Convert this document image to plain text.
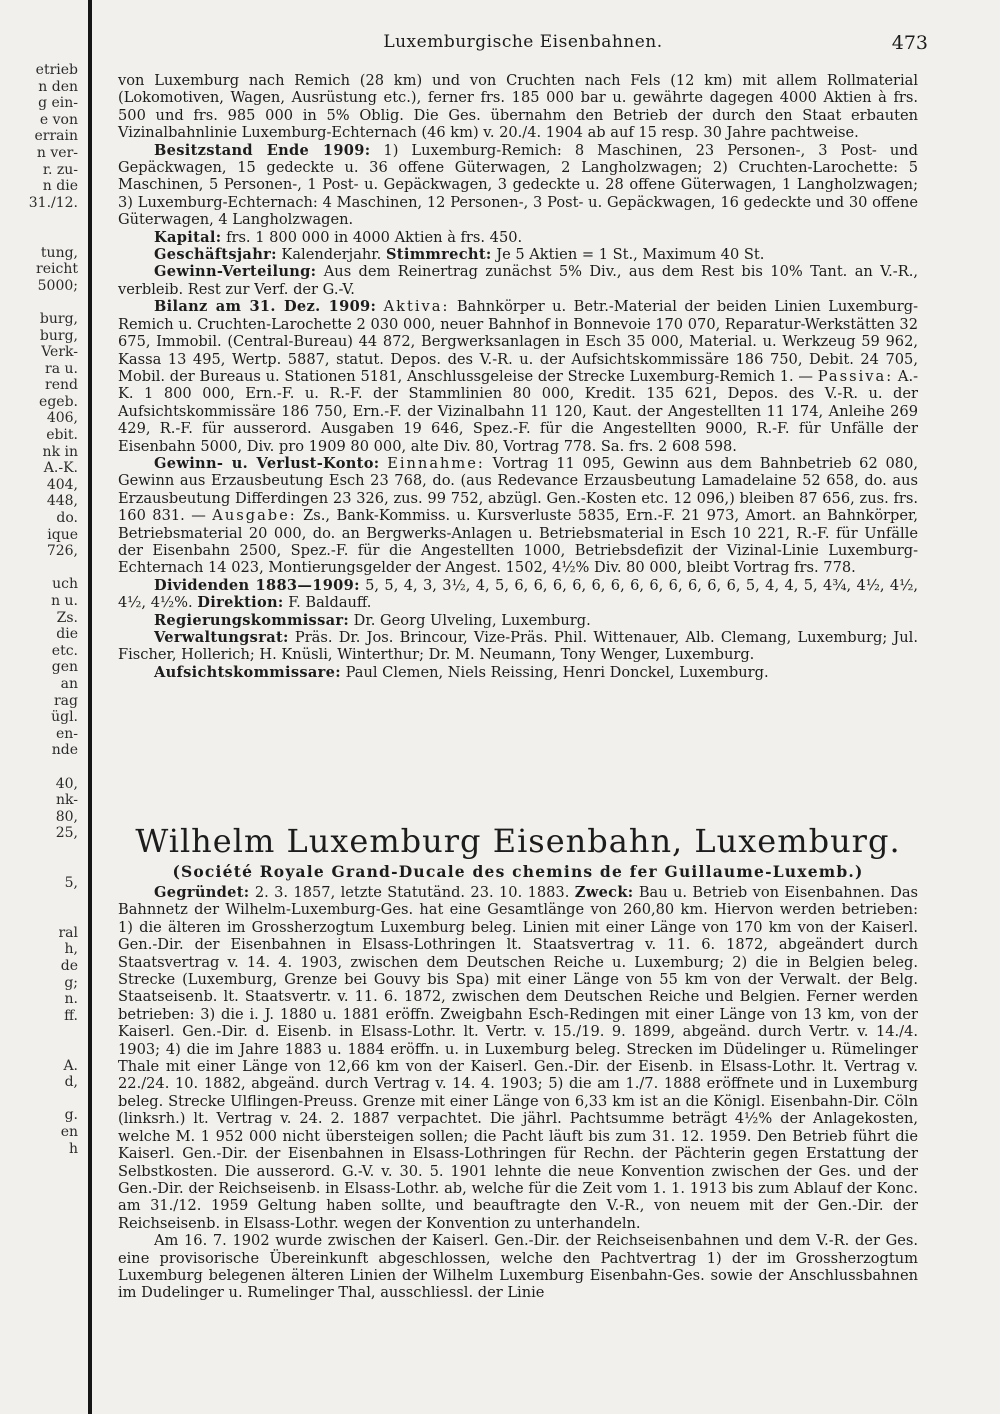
etrieb
n den
g ein-
e von
errain
n ver-
r. zu-
n die
31./12.
tung,
reicht
5000;
burg,
burg,
Verk-
ra u.
rend
egeb.
406,
ebit.
nk in
A.-K.
404,
448,
do.
ique
726,
uch
n u.
Zs.
die
etc.
gen
an
rag
ügl.
en-
nde
40,
nk-
80,
25,
5,
ral
h,
de
g;
n.
ff.
A.
d,
g.
en
h
Luxemburgische Eisenbahnen.	473

von Luxemburg nach Remich (28 km) und von Cruchten nach Fels (12 km) mit allem Rollmaterial (Lokomotiven, Wagen, Ausrüstung etc.), ferner frs. 185 000 bar u. gewährte dagegen 4000 Aktien à frs. 500 und frs. 985 000 in 5% Oblig. Die Ges. übernahm den Betrieb der durch den Staat erbauten Vizinalbahnlinie Luxemburg-Echternach (46 km) v. 20./4. 1904 ab auf 15 resp. 30 Jahre pachtweise.

Besitzstand Ende 1909: 1) Luxemburg-Remich: 8 Maschinen, 23 Personen-, 3 Post- und Gepäckwagen, 15 gedeckte u. 36 offene Güterwagen, 2 Langholzwagen; 2) Cruchten-Larochette: 5 Maschinen, 5 Personen-, 1 Post- u. Gepäckwagen, 3 gedeckte u. 28 offene Güterwagen, 1 Langholzwagen; 3) Luxemburg-Echternach: 4 Maschinen, 12 Personen-, 3 Post- u. Gepäckwagen, 16 gedeckte und 30 offene Güterwagen, 4 Langholzwagen.

Kapital: frs. 1 800 000 in 4000 Aktien à frs. 450.

Geschäftsjahr: Kalenderjahr. Stimmrecht: Je 5 Aktien = 1 St., Maximum 40 St.

Gewinn-Verteilung: Aus dem Reinertrag zunächst 5% Div., aus dem Rest bis 10% Tant. an V.-R., verbleib. Rest zur Verf. der G.-V.

Bilanz am 31. Dez. 1909: Aktiva: Bahnkörper u. Betr.-Material der beiden Linien Luxemburg-Remich u. Cruchten-Larochette 2 030 000, neuer Bahnhof in Bonnevoie 170 070, Reparatur-Werkstätten 32 675, Immobil. (Central-Bureau) 44 872, Bergwerksanlagen in Esch 35 000, Material. u. Werkzeug 59 962, Kassa 13 495, Wertp. 5887, statut. Depos. des V.-R. u. der Aufsichtskommissäre 186 750, Debit. 24 705, Mobil. der Bureaus u. Stationen 5181, Anschlussgeleise der Strecke Luxemburg-Remich 1. — Passiva: A.-K. 1 800 000, Ern.-F. u. R.-F. der Stammlinien 80 000, Kredit. 135 621, Depos. des V.-R. u. der Aufsichtskommissäre 186 750, Ern.-F. der Vizinalbahn 11 120, Kaut. der Angestellten 11 174, Anleihe 269 429, R.-F. für ausserord. Ausgaben 19 646, Spez.-F. für die Angestellten 9000, R.-F. für Unfälle der Eisenbahn 5000, Div. pro 1909 80 000, alte Div. 80, Vortrag 778. Sa. frs. 2 608 598.

Gewinn- u. Verlust-Konto: Einnahme: Vortrag 11 095, Gewinn aus dem Bahnbetrieb 62 080, Gewinn aus Erzausbeutung Esch 23 768, do. (aus Redevance Erzausbeutung Lamadelaine 52 658, do. aus Erzausbeutung Differdingen 23 326, zus. 99 752, abzügl. Gen.-Kosten etc. 12 096,) bleiben 87 656, zus. frs. 160 831. — Ausgabe: Zs., Bank-Kommiss. u. Kursverluste 5835, Ern.-F. 21 973, Amort. an Bahnkörper, Betriebsmaterial 20 000, do. an Bergwerks-Anlagen u. Betriebsmaterial in Esch 10 221, R.-F. für Unfälle der Eisenbahn 2500, Spez.-F. für die Angestellten 1000, Betriebsdefizit der Vizinal-Linie Luxemburg-Echternach 14 023, Montierungsgelder der Angest. 1502, 4½% Div. 80 000, bleibt Vortrag frs. 778.

Dividenden 1883—1909: 5, 5, 4, 3, 3½, 4, 5, 6, 6, 6, 6, 6, 6, 6, 6, 6, 6, 6, 6, 5, 4, 4, 5, 4¾, 4½, 4½, 4½, 4½%. Direktion: F. Baldauff.

Regierungskommissar: Dr. Georg Ulveling, Luxemburg.

Verwaltungsrat: Präs. Dr. Jos. Brincour, Vize-Präs. Phil. Wittenauer, Alb. Clemang, Luxemburg; Jul. Fischer, Hollerich; H. Knüsli, Winterthur; Dr. M. Neumann, Tony Wenger, Luxemburg.

Aufsichtskommissare: Paul Clemen, Niels Reissing, Henri Donckel, Luxemburg.

Wilhelm Luxemburg Eisenbahn, Luxemburg.
(Société Royale Grand-Ducale des chemins de fer Guillaume-Luxemb.)

Gegründet: 2. 3. 1857, letzte Statutänd. 23. 10. 1883. Zweck: Bau u. Betrieb von Eisenbahnen. Das Bahnnetz der Wilhelm-Luxemburg-Ges. hat eine Gesamtlänge von 260,80 km. Hiervon werden betrieben: 1) die älteren im Grossherzogtum Luxemburg beleg. Linien mit einer Länge von 170 km von der Kaiserl. Gen.-Dir. der Eisenbahnen in Elsass-Lothringen lt. Staatsvertrag v. 11. 6. 1872, abgeändert durch Staatsvertrag v. 14. 4. 1903, zwischen dem Deutschen Reiche u. Luxemburg; 2) die in Belgien beleg. Strecke (Luxemburg, Grenze bei Gouvy bis Spa) mit einer Länge von 55 km von der Verwalt. der Belg. Staatseisenb. lt. Staatsvertr. v. 11. 6. 1872, zwischen dem Deutschen Reiche und Belgien. Ferner werden betrieben: 3) die i. J. 1880 u. 1881 eröffn. Zweigbahn Esch-Redingen mit einer Länge von 13 km, von der Kaiserl. Gen.-Dir. d. Eisenb. in Elsass-Lothr. lt. Vertr. v. 15./19. 9. 1899, abgeänd. durch Vertr. v. 14./4. 1903; 4) die im Jahre 1883 u. 1884 eröffn. u. in Luxemburg beleg. Strecken im Düdelinger u. Rümelinger Thale mit einer Länge von 12,66 km von der Kaiserl. Gen.-Dir. der Eisenb. in Elsass-Lothr. lt. Vertrag v. 22./24. 10. 1882, abgeänd. durch Vertrag v. 14. 4. 1903; 5) die am 1./7. 1888 eröffnete und in Luxemburg beleg. Strecke Ulflingen-Preuss. Grenze mit einer Länge von 6,33 km ist an die Königl. Eisenbahn-Dir. Cöln (linksrh.) lt. Vertrag v. 24. 2. 1887 verpachtet. Die jährl. Pachtsumme beträgt 4½% der Anlagekosten, welche M. 1 952 000 nicht übersteigen sollen; die Pacht läuft bis zum 31. 12. 1959. Den Betrieb führt die Kaiserl. Gen.-Dir. der Eisenbahnen in Elsass-Lothringen für Rechn. der Pächterin gegen Erstattung der Selbstkosten. Die ausserord. G.-V. v. 30. 5. 1901 lehnte die neue Konvention zwischen der Ges. und der Gen.-Dir. der Reichseisenb. in Elsass-Lothr. ab, welche für die Zeit vom 1. 1. 1913 bis zum Ablauf der Konc. am 31./12. 1959 Geltung haben sollte, und beauftragte den V.-R., von neuem mit der Gen.-Dir. der Reichseisenb. in Elsass-Lothr. wegen der Konvention zu unterhandeln.

Am 16. 7. 1902 wurde zwischen der Kaiserl. Gen.-Dir. der Reichseisenbahnen und dem V.-R. der Ges. eine provisorische Übereinkunft abgeschlossen, welche den Pachtvertrag 1) der im Grossherzogtum Luxemburg belegenen älteren Linien der Wilhelm Luxemburg Eisenbahn-Ges. sowie der Anschlussbahnen im Dudelinger u. Rumelinger Thal, ausschliessl. der Linie
